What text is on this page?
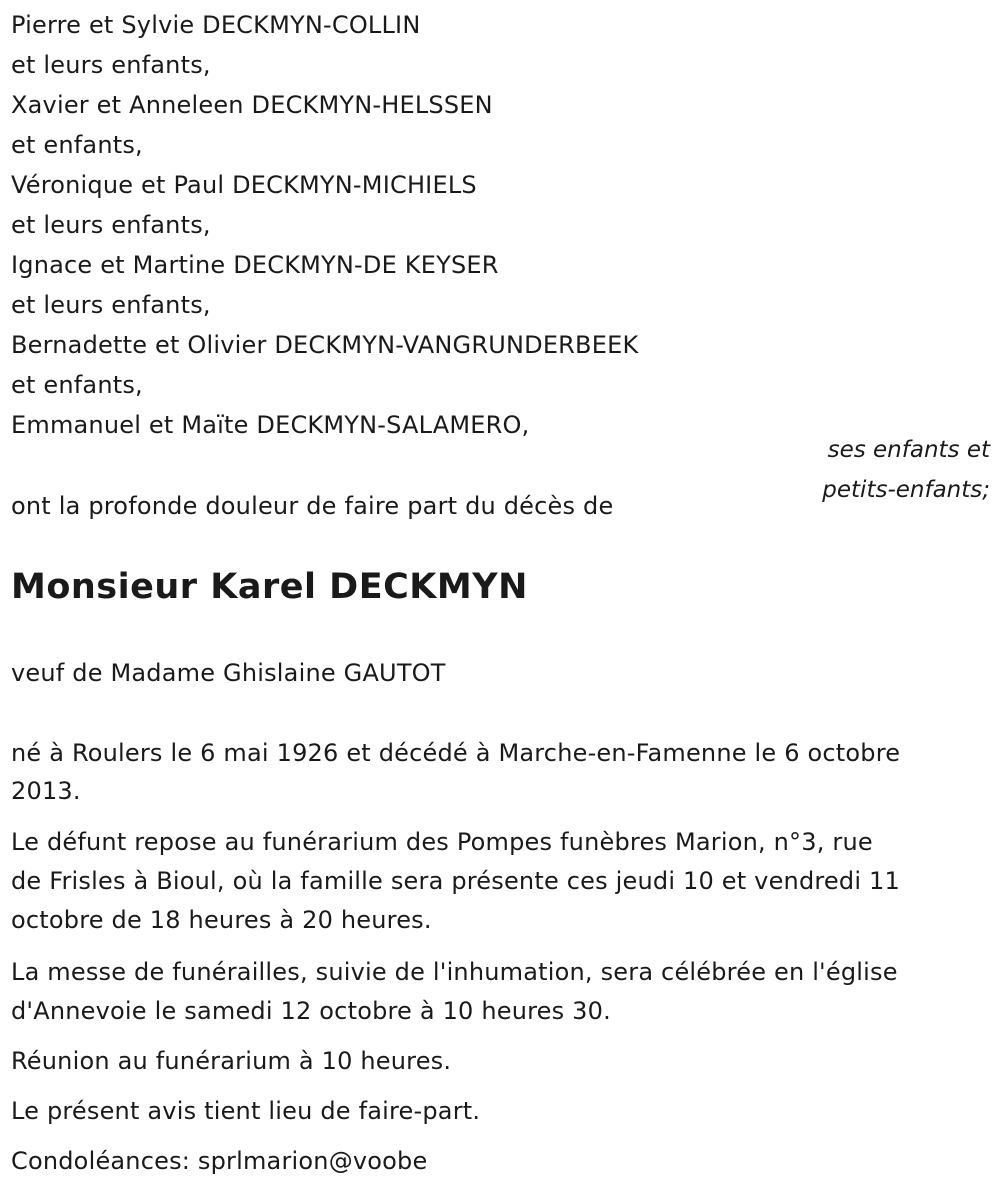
Pierre et Sylvie DECKMYN-COLLIN
et leurs enfants,
Xavier et Anneleen DECKMYN-HELSSEN
et enfants,
Véronique et Paul DECKMYN-MICHIELS
et leurs enfants,
Ignace et Martine DECKMYN-DE KEYSER
et leurs enfants,
Bernadette et Olivier DECKMYN-VANGRUNDERBEEK
et enfants,
Emmanuel et Maïte DECKMYN-SALAMERO,
ses enfants et
petits-enfants;
ont la profonde douleur de faire part du décès de
Monsieur Karel DECKMYN
veuf de Madame Ghislaine GAUTOT
né à Roulers le 6 mai 1926 et décédé à Marche-en-Famenne le 6 octobre
2013.
Le défunt repose au funérarium des Pompes funèbres Marion, n°3, rue
de Frisles à Bioul, où la famille sera présente ces jeudi 10 et vendredi 11
octobre de 18 heures à 20 heures.
La messe de funérailles, suivie de l'inhumation, sera célébrée en l'église
d'Annevoie le samedi 12 octobre à 10 heures 30.
Réunion au funérarium à 10 heures.
Le présent avis tient lieu de faire-part.
Condoléances: sprlmarion@voobe
